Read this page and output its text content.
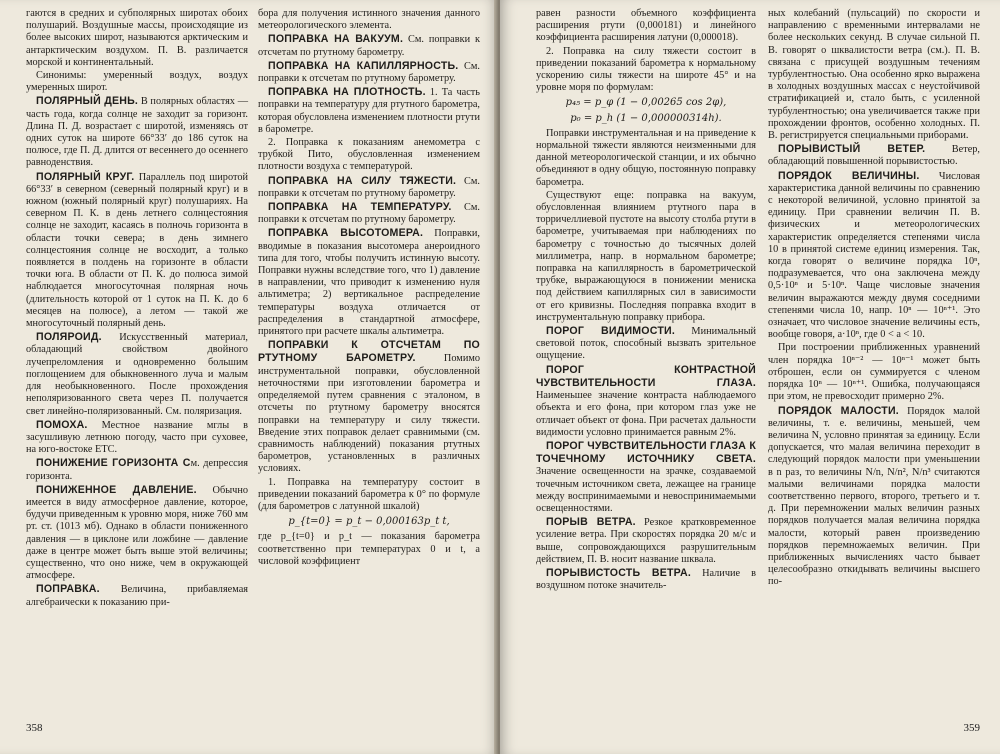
гаются в средних и субполярных широтах обоих полушарий. Воздушные массы, происходящие из более высоких широт, называются арктическим и антарктическим воздухом. П. В. различается морской и континентальный.

Синонимы: умеренный воздух, воздух умеренных широт.

ПОЛЯРНЫЙ ДЕНЬ. В полярных областях — часть года, когда солнце не заходит за горизонт. Длина П. Д. возрастает с широтой, изменяясь от одних суток на широте 66°33′ до 186 суток на полюсе, где П. Д. длится от весеннего до осеннего равноденствия.

ПОЛЯРНЫЙ КРУГ. Параллель под широтой 66°33′ в северном (северный полярный круг) и в южном (южный полярный круг) полушариях. На северном П. К. в день летнего солнцестояния солнце не заходит, касаясь в полночь горизонта в области точки севера; в день зимнего солнцестояния солнце не восходит, а только появляется в полдень на горизонте в области точки юга. В области от П. К. до полюса зимой наблюдается многосуточная полярная ночь (длительность которой от 1 суток на П. К. до 6 месяцев на полюсе), а летом — такой же многосуточный полярный день.

ПОЛЯРОИД. Искусственный материал, обладающий свойством двойного лучепреломления и одновременно большим поглощением для обыкновенного луча и малым для необыкновенного. После прохождения неполяризованного света через П. получается свет линейно-поляризованный. См. поляризация.

ПОМОХА. Местное название мглы в засушливую летнюю погоду, часто при суховее, на юго-востоке ЕТС.

ПОНИЖЕНИЕ ГОРИЗОНТА См. депрессия горизонта.

ПОНИЖЕННОЕ ДАВЛЕНИЕ. Обычно имеется в виду атмосферное давление, которое, будучи приведенным к уровню моря, ниже 760 мм рт. ст. (1013 мб). Однако в области пониженного давления — в циклоне или ложбине — давление даже в центре может быть выше этой величины; существенно, что оно ниже, чем в окружающей атмосфере.

ПОПРАВКА. Величина, прибавляемая алгебраически к показанию при-

бора для получения истинного значения данного метеорологического элемента.

ПОПРАВКА НА ВАКУУМ. См. поправки к отсчетам по ртутному барометру.

ПОПРАВКА НА КАПИЛЛЯРНОСТЬ. См. поправки к отсчетам по ртутному барометру.

ПОПРАВКА НА ПЛОТНОСТЬ. 1. Та часть поправки на температуру для ртутного барометра, которая обусловлена изменением плотности ртути в барометре.

2. Поправка к показаниям анемометра с трубкой Пито, обусловленная изменением плотности воздуха с температурой.

ПОПРАВКА НА СИЛУ ТЯЖЕСТИ. См. поправки к отсчетам по ртутному барометру.

ПОПРАВКА НА ТЕМПЕРАТУРУ. См. поправки к отсчетам по ртутному барометру.

ПОПРАВКА ВЫСОТОМЕРА. Поправки, вводимые в показания высотомера анероидного типа для того, чтобы получить истинную высоту. Поправки нужны вследствие того, что 1) давление в направлении, что приводит к изменению нуля альтиметра; 2) вертикальное распределение температуры воздуха отличается от распределения в стандартной атмосфере, принятого при расчете шкалы альтиметра.

ПОПРАВКИ К ОТСЧЕТАМ ПО РТУТНОМУ БАРОМЕТРУ. Помимо инструментальной поправки, обусловленной неточностями при изготовлении барометра и определяемой путем сравнения с эталоном, в отсчеты по ртутному барометру вносятся поправки на температуру и силу тяжести. Введение этих поправок делает сравнимыми (см. сравнимость наблюдений) показания ртутных барометров, установленных в различных условиях.

1. Поправка на температуру состоит в приведении показаний барометра к 0° по формуле (для барометров с латунной шкалой)

p_{t=0} = p_t − 0,000163p_t t,

где p_{t=0} и p_t — показания барометра соответственно при температурах 0 и t, а числовой коэффициент

358

равен разности объемного коэффициента расширения ртути (0,000181) и линейного коэффициента расширения латуни (0,000018).

2. Поправка на силу тяжести состоит в приведении показаний барометра к нормальному ускорению силы тяжести на широте 45° и на уровне моря по формулам:

p₄₅ = p_φ (1 − 0,00265 cos 2φ),

p₀ = p_h (1 − 0,000000314h).

Поправки инструментальная и на приведение к нормальной тяжести являются неизменными для данной метеорологической станции, и их обычно объединяют в одну общую, постоянную поправку барометра.

Существуют еще: поправка на вакуум, обусловленная влиянием ртутного пара в торричеллиевой пустоте на высоту столба ртути в барометре, учитываемая при наблюдениях по барометру с точностью до тысячных долей миллиметра, напр. в нормальном барометре; поправка на капиллярность в барометрической трубке, выражающуюся в понижении мениска под действием капиллярных сил в зависимости от его кривизны. Последняя поправка входит в инструментальную поправку прибора.

ПОРОГ ВИДИМОСТИ. Минимальный световой поток, способный вызвать зрительное ощущение.

ПОРОГ КОНТРАСТНОЙ ЧУВСТВИТЕЛЬНОСТИ ГЛАЗА. Наименьшее значение контраста наблюдаемого объекта и его фона, при котором глаз уже не отличает объект от фона. При расчетах дальности видимости условно принимается равным 2%.

ПОРОГ ЧУВСТВИТЕЛЬНОСТИ ГЛАЗА К ТОЧЕЧНОМУ ИСТОЧНИКУ СВЕТА. Значение освещенности на зрачке, создаваемой точечным источником света, лежащее на границе между воспринимаемыми и невоспринимаемыми освещенностями.

ПОРЫВ ВЕТРА. Резкое кратковременное усиление ветра. При скоростях порядка 20 м/с и выше, сопровождающихся разрушительным действием, П. В. носит название шквала.

ПОРЫВИСТОСТЬ ВЕТРА. Наличие в воздушном потоке значитель-

ных колебаний (пульсаций) по скорости и направлению с временными интервалами не более нескольких секунд. В случае сильной П. В. говорят о шквалистости ветра (см.). П. В. связана с присущей воздушным течениям турбулентностью. Она особенно ярко выражена в холодных воздушных массах с неустойчивой стратификацией и, стало быть, с усиленной турбулентностью; она увеличивается также при прохождении фронтов, особенно холодных. П. В. регистрируется специальными приборами.

ПОРЫВИСТЫЙ ВЕТЕР. Ветер, обладающий повышенной порывистостью.

ПОРЯДОК ВЕЛИЧИНЫ. Числовая характеристика данной величины по сравнению с некоторой величиной, условно принятой за единицу. При сравнении величин П. В. физических и метеорологических характеристик определяется степенями числа 10 в принятой системе единиц измерения. Так, когда говорят о величине порядка 10ⁿ, подразумевается, что она заключена между 0,5·10ⁿ и 5·10ⁿ. Чаще числовые значения величин выражаются между двумя соседними степенями числа 10, напр. 10ⁿ — 10ⁿ⁺¹. Это означает, что числовое значение величины есть, вообще говоря, a·10ⁿ, где 0 < a < 10.

При построении приближенных уравнений член порядка 10ⁿ⁻² — 10ⁿ⁻¹ может быть отброшен, если он суммируется с членом порядка 10ⁿ — 10ⁿ⁺¹. Ошибка, получающаяся при этом, не превосходит примерно 2%.

ПОРЯДОК МАЛОСТИ. Порядок малой величины, т. е. величины, меньшей, чем величина N, условно принятая за единицу. Если допускается, что малая величина переходит в следующий порядок малости при уменьшении в n раз, то величины N/n, N/n², N/n³ считаются малыми величинами порядка малости соответственно первого, второго, третьего и т. д. При перемножении малых величин разных порядков получается малая величина порядка малости, который равен произведению порядков перемножаемых величин. При приближенных вычислениях часто бывает целесообразно откидывать величины высшего по-

359
